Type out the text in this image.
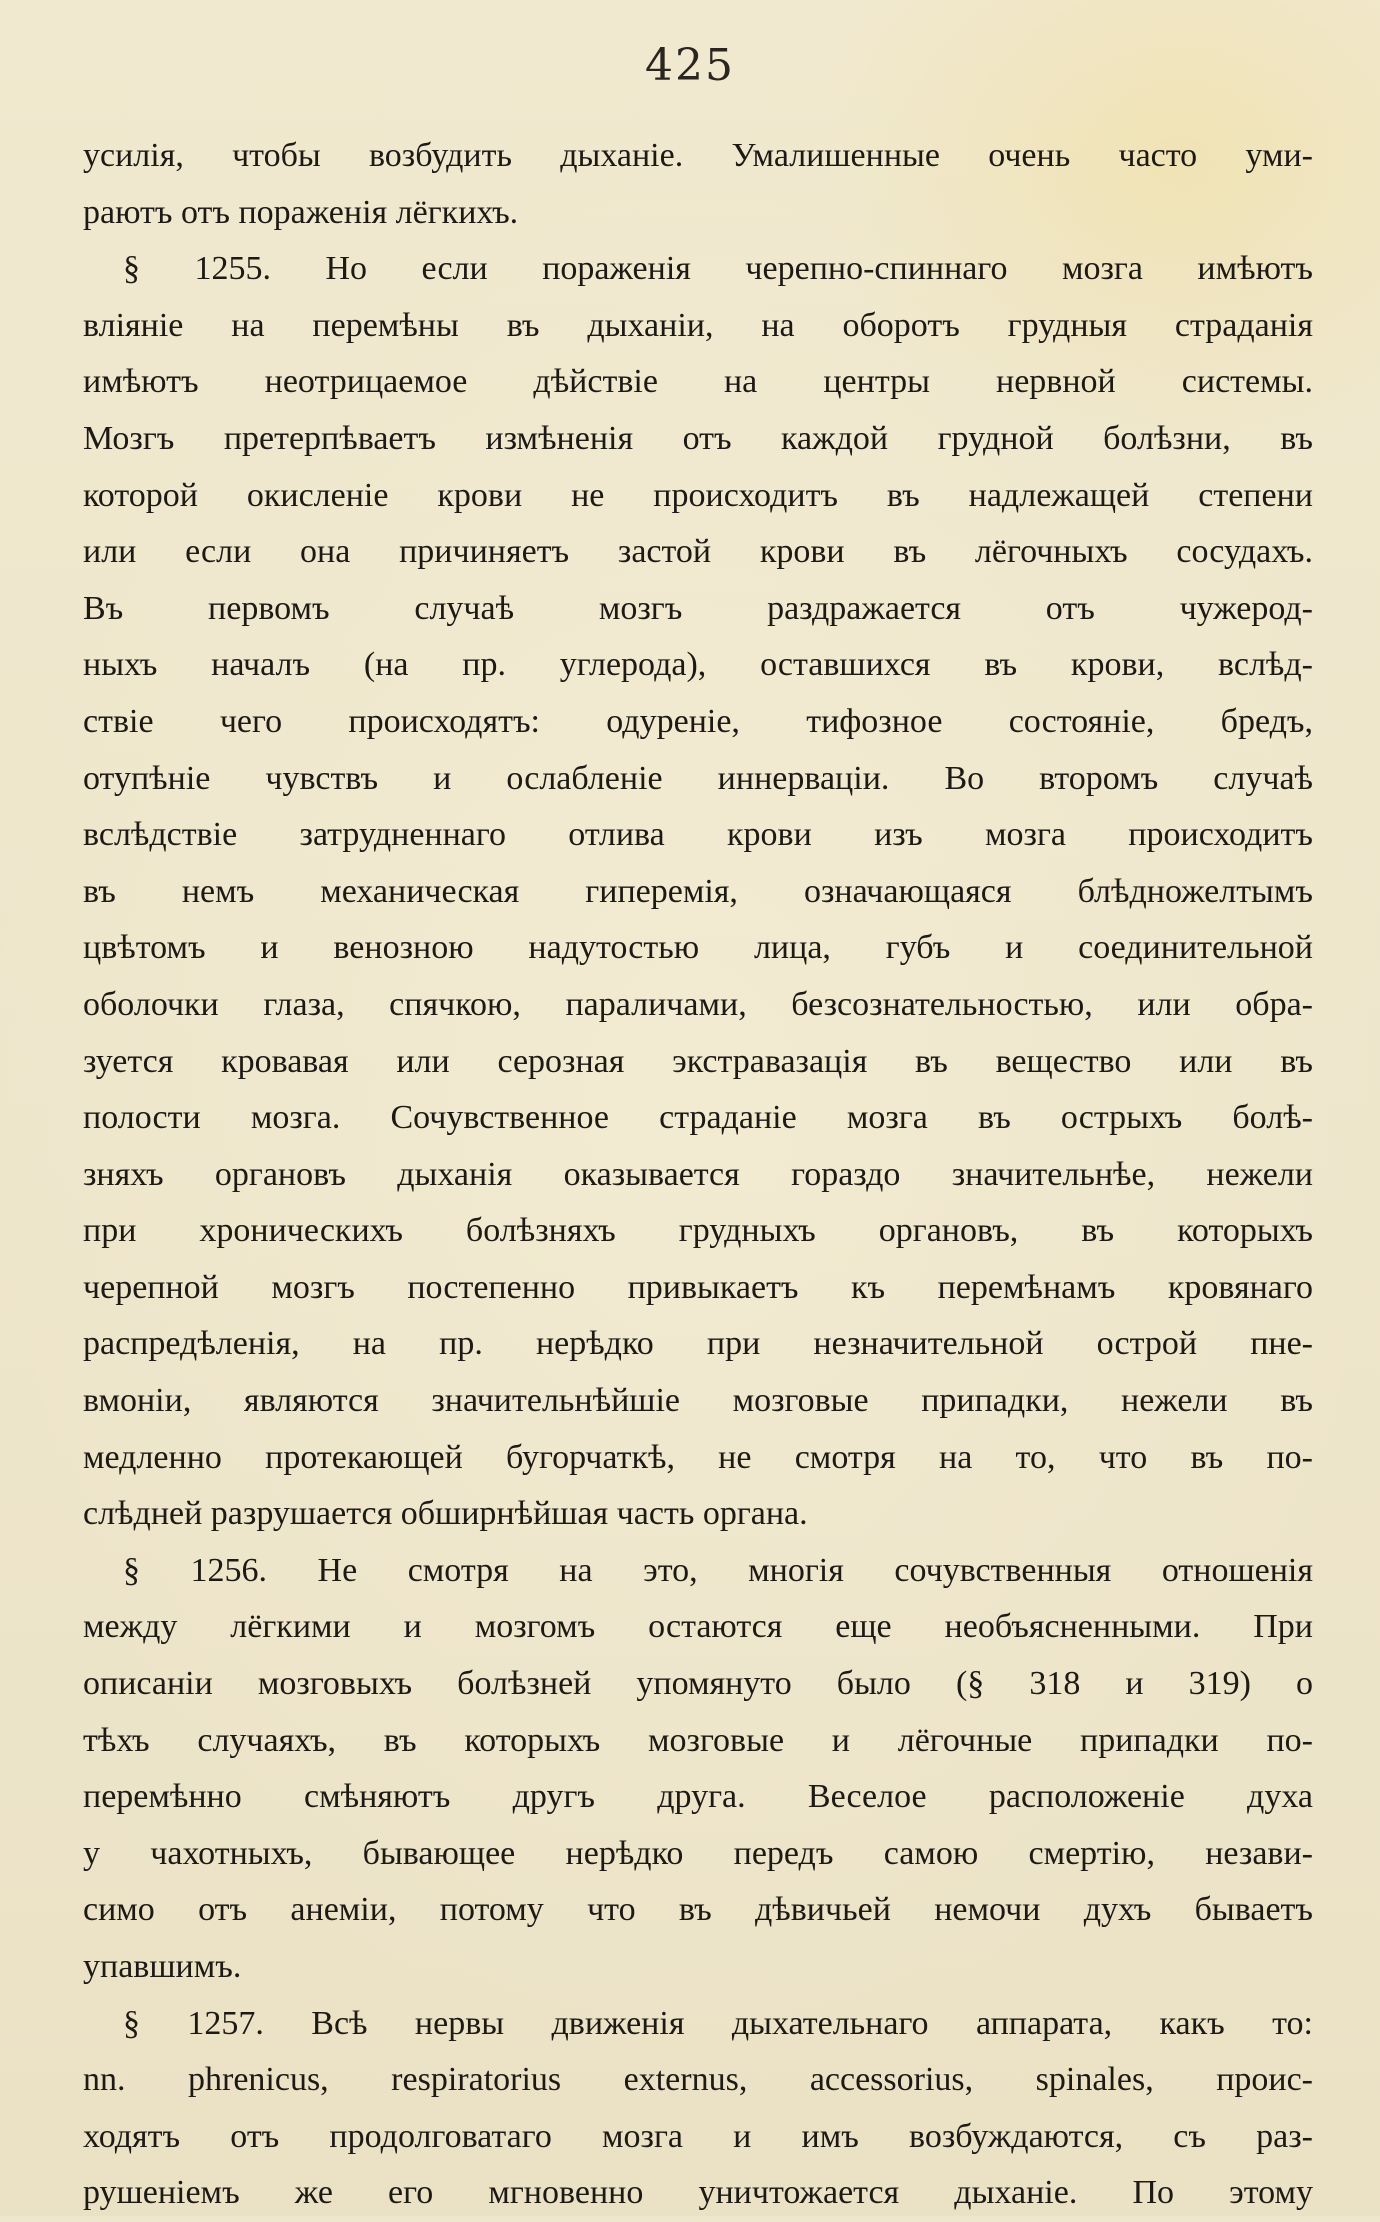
425
усилія, чтобы возбудить дыханіе. Умалишенные очень часто уми-
раютъ отъ пораженія лёгкихъ.
§ 1255. Но если пораженія черепно-спиннаго мозга имѣютъ
вліяніе на перемѣны въ дыханіи, на оборотъ грудныя страданія
имѣютъ неотрицаемое дѣйствіе на центры нервной системы.
Мозгъ претерпѣваетъ измѣненія отъ каждой грудной болѣзни, въ
которой окисленіе крови не происходитъ въ надлежащей степени
или если она причиняетъ застой крови въ лёгочныхъ сосудахъ.
Въ первомъ случаѣ мозгъ раздражается отъ чужерод-
ныхъ началъ (на пр. углерода), оставшихся въ крови, вслѣд-
ствіе чего происходятъ: одуреніе, тифозное состояніе, бредъ,
отупѣніе чувствъ и ослабленіе иннерваціи. Во второмъ случаѣ
вслѣдствіе затрудненнаго отлива крови изъ мозга происходитъ
въ немъ механическая гиперемія, означающаяся блѣдножелтымъ
цвѣтомъ и венозною надутостью лица, губъ и соединительной
оболочки глаза, спячкою, параличами, безсознательностью, или обра-
зуется кровавая или серозная экстравазація въ вещество или въ
полости мозга. Сочувственное страданіе мозга въ острыхъ болѣ-
зняхъ органовъ дыханія оказывается гораздо значительнѣе, нежели
при хроническихъ болѣзняхъ грудныхъ органовъ, въ которыхъ
черепной мозгъ постепенно привыкаетъ къ перемѣнамъ кровянаго
распредѣленія, на пр. нерѣдко при незначительной острой пне-
вмоніи, являются значительнѣйшіе мозговые припадки, нежели въ
медленно протекающей бугорчаткѣ, не смотря на то, что въ по-
слѣдней разрушается обширнѣйшая часть органа.
§ 1256. Не смотря на это, многія сочувственныя отношенія
между лёгкими и мозгомъ остаются еще необъясненными. При
описаніи мозговыхъ болѣзней упомянуто было (§ 318 и 319) о
тѣхъ случаяхъ, въ которыхъ мозговые и лёгочные припадки по-
перемѣнно смѣняютъ другъ друга. Веселое расположеніе духа
у чахотныхъ, бывающее нерѣдко передъ самою смертію, незави-
симо отъ анеміи, потому что въ дѣвичьей немочи духъ бываетъ
упавшимъ.
§ 1257. Всѣ нервы движенія дыхательнаго аппарата, какъ то:
nn. phrenicus, respiratorius externus, accessorius, spinales, проис-
ходятъ отъ продолговатаго мозга и имъ возбуждаются, съ раз-
рушеніемъ же его мгновенно уничтожается дыханіе. По этому
